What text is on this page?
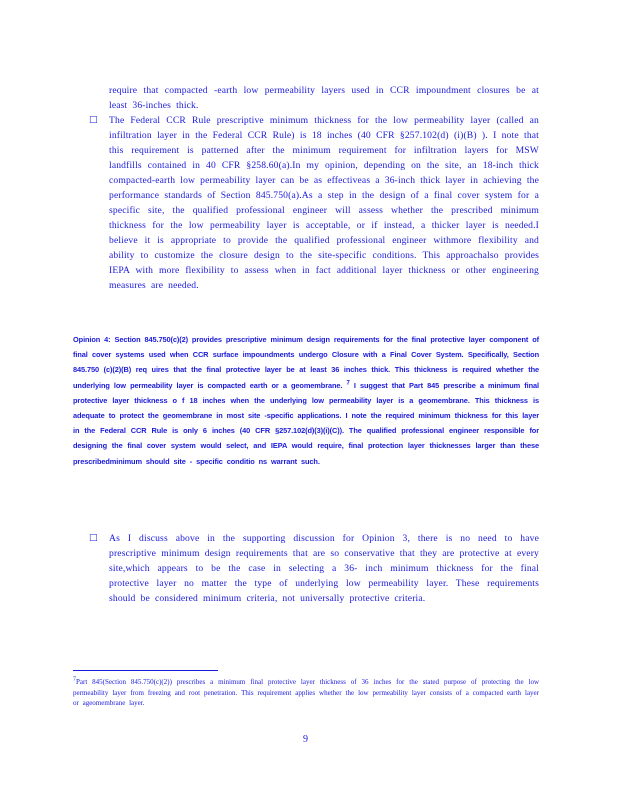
require that compacted -earth low permeability layers used in CCR impoundment closures be at least 36-inches thick.

□ The Federal CCR Rule prescriptive minimum thickness for the low permeability layer (called an infiltration layer in the Federal CCR Rule) is 18 inches (40 CFR §257.102(d) (i)(B) ). I note that this requirement is patterned after the minimum requirement for infiltration layers for MSW landfills contained in 40 CFR §258.60(a).In my opinion, depending on the site, an 18-inch thick compacted-earth low permeability layer can be as effectiveas a 36-inch thick layer in achieving the performance standards of Section 845.750(a).As a step in the design of a final cover system for a specific site, the qualified professional engineer will assess whether the prescribed minimum thickness for the low permeability layer is acceptable, or if instead, a thicker layer is needed.I believe it is appropriate to provide the qualified professional engineer withmore flexibility and ability to customize the closure design to the site-specific conditions. This approachalso provides IEPA with more flexibility to assess when in fact additional layer thickness or other engineering measures are needed.

Opinion 4: Section 845.750(c)(2) provides prescriptive minimum design requirements for the final protective layer component of final cover systems used when CCR surface impoundments undergo Closure with a Final Cover System. Specifically, Section 845.750 (c)(2)(B) req uires that the final protective layer be at least 36 inches thick. This thickness is required whether the underlying low permeability layer is compacted earth or a geomembrane. $^7$ I suggest that Part 845 prescribe a minimum final protective layer thickness o f 18 inches when the underlying low permeability layer is a geomembrane. This thickness is adequate to protect the geomembrane in most site -specific applications. I note the required minimum thickness for this layer in the Federal CCR Rule is only 6 inches (40 CFR §257.102(d)(3)(i)(C)). The qualified professional engineer responsible for designing the final cover system would select, and IEPA would require, final protection layer thicknesses larger than these prescribedminimum should site - specific conditio ns warrant such.

□ As I discuss above in the supporting discussion for Opinion 3, there is no need to have prescriptive minimum design requirements that are so conservative that they are protective at every site,which appears to be the case in selecting a 36- inch minimum thickness for the final protective layer no matter the type of underlying low permeability layer. These requirements should be considered minimum criteria, not universally protective criteria.

$^7$Part 845(Section 845.750(c)(2)) prescribes a minimum final protective layer thickness of 36 inches for the stated purpose of protecting the low permeability layer from freezing and root penetration. This requirement applies whether the low permeability layer consists of a compacted earth layer or ageomembrane layer.

9
